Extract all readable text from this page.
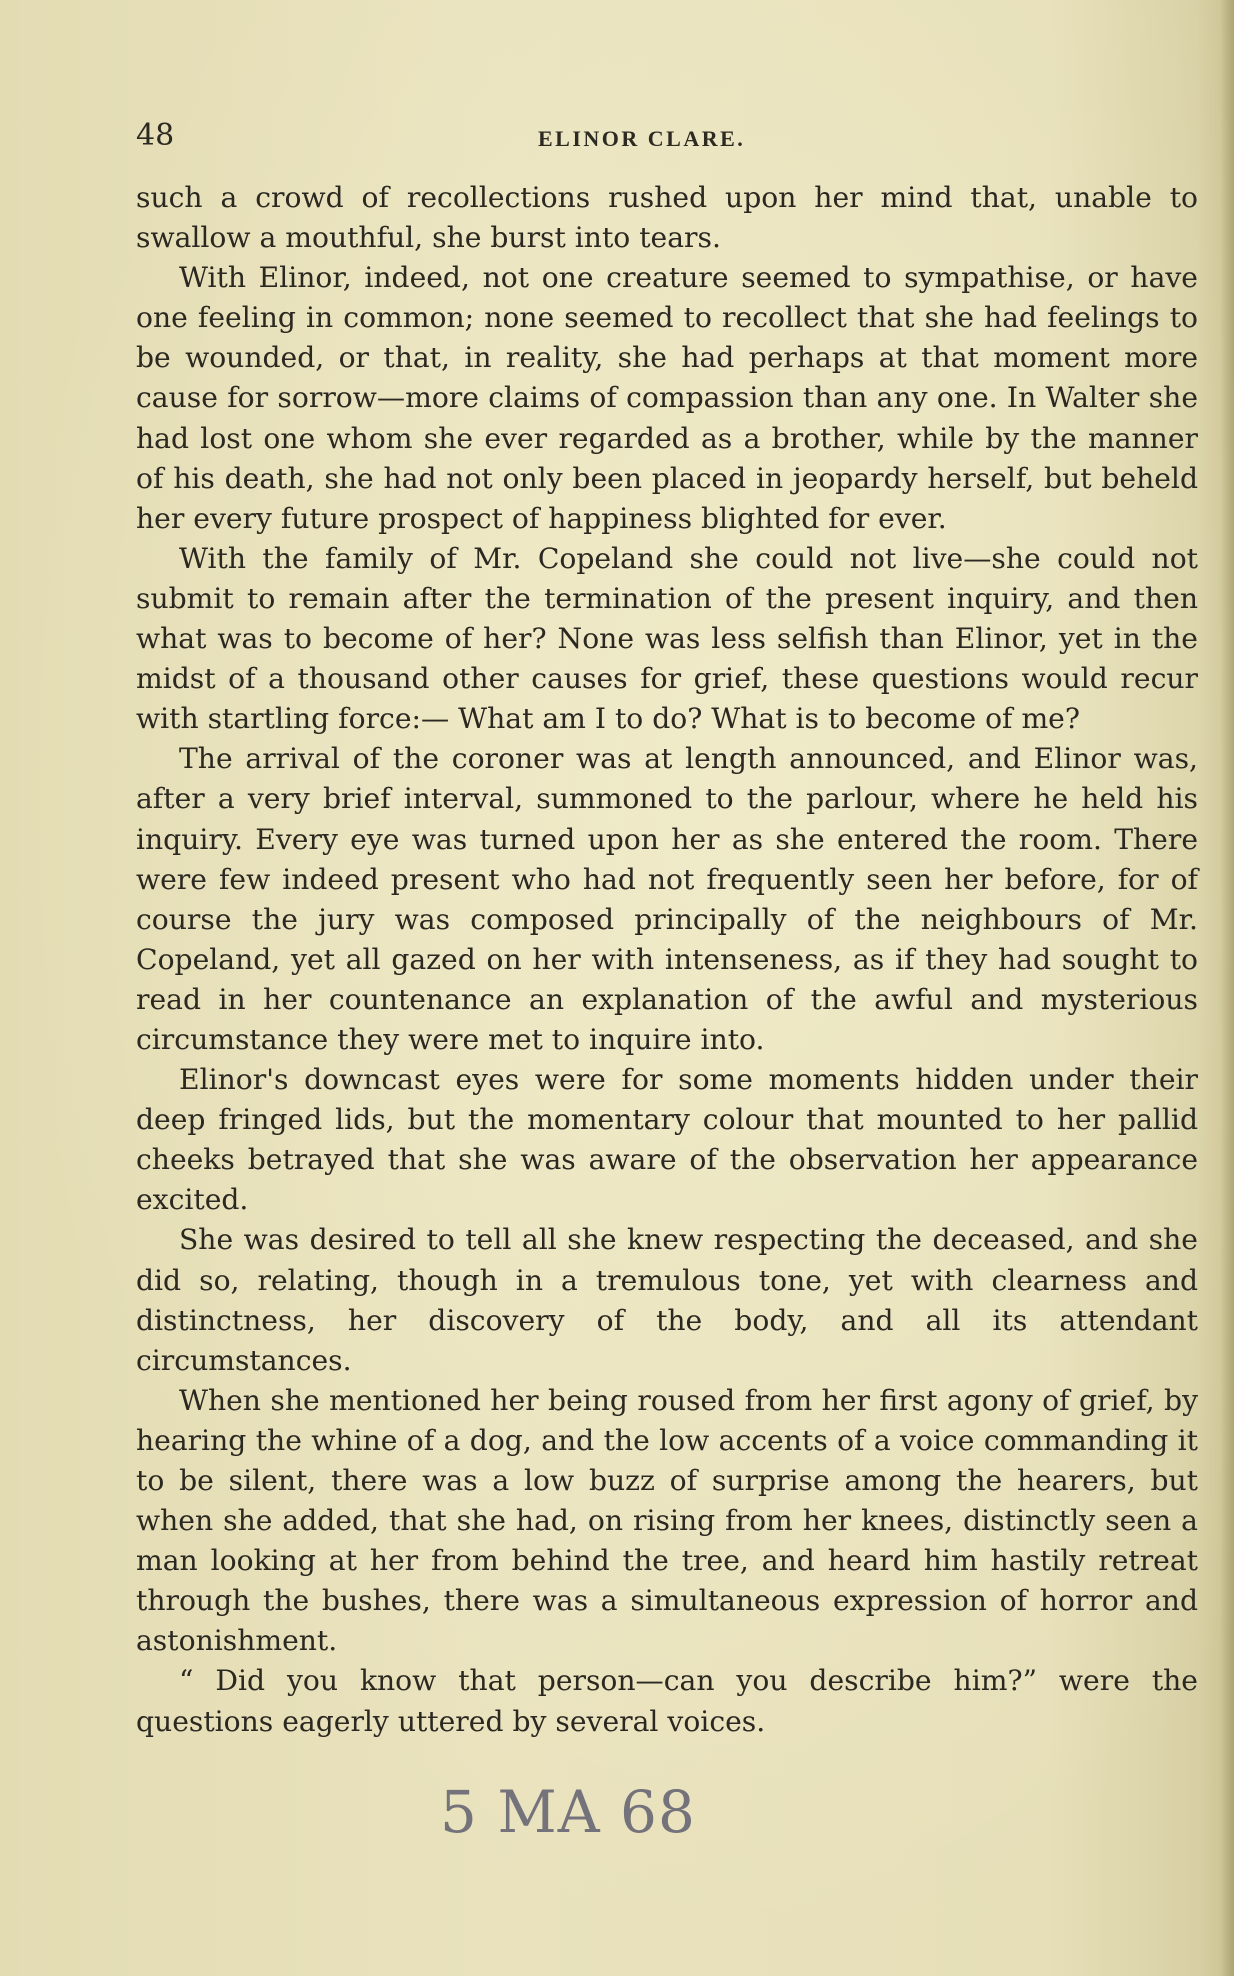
48	ELINOR CLARE.

such a crowd of recollections rushed upon her mind that, unable to swallow a mouthful, she burst into tears.

With Elinor, indeed, not one creature seemed to sympathise, or have one feeling in common; none seemed to recollect that she had feelings to be wounded, or that, in reality, she had perhaps at that moment more cause for sorrow—more claims of compassion than any one. In Walter she had lost one whom she ever regarded as a brother, while by the manner of his death, she had not only been placed in jeopardy herself, but beheld her every future prospect of happiness blighted for ever.

With the family of Mr. Copeland she could not live—she could not submit to remain after the termination of the present inquiry, and then what was to become of her? None was less selfish than Elinor, yet in the midst of a thousand other causes for grief, these questions would recur with startling force:— What am I to do? What is to become of me?

The arrival of the coroner was at length announced, and Elinor was, after a very brief interval, summoned to the parlour, where he held his inquiry. Every eye was turned upon her as she entered the room. There were few indeed present who had not frequently seen her before, for of course the jury was composed principally of the neighbours of Mr. Copeland, yet all gazed on her with intenseness, as if they had sought to read in her countenance an explanation of the awful and mysterious circumstance they were met to inquire into.

Elinor's downcast eyes were for some moments hidden under their deep fringed lids, but the momentary colour that mounted to her pallid cheeks betrayed that she was aware of the observation her appearance excited.

She was desired to tell all she knew respecting the deceased, and she did so, relating, though in a tremulous tone, yet with clearness and distinctness, her discovery of the body, and all its attendant circumstances.

When she mentioned her being roused from her first agony of grief, by hearing the whine of a dog, and the low accents of a voice commanding it to be silent, there was a low buzz of surprise among the hearers, but when she added, that she had, on rising from her knees, distinctly seen a man looking at her from behind the tree, and heard him hastily retreat through the bushes, there was a simultaneous expression of horror and astonishment.

“ Did you know that person—can you describe him?” were the questions eagerly uttered by several voices.

5 MA 68
